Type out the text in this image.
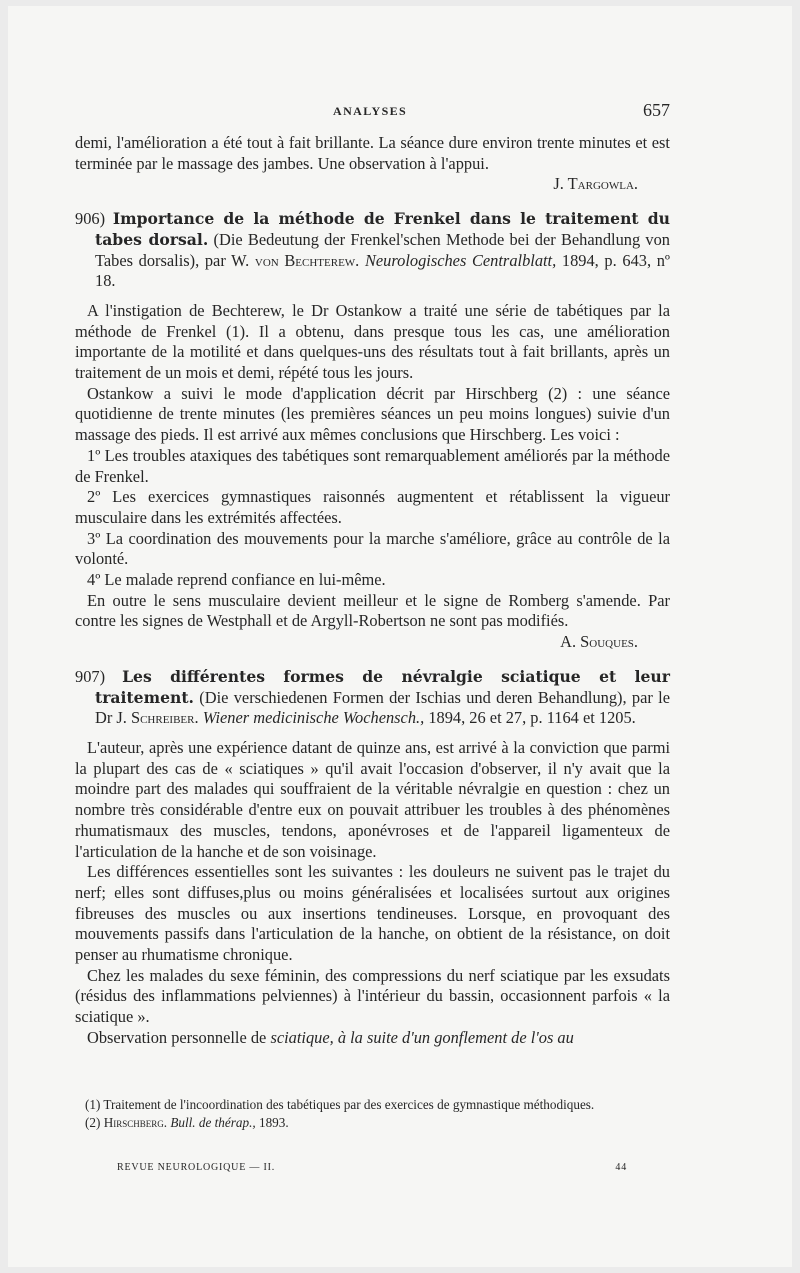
ANALYSES	657

demi, l'amélioration a été tout à fait brillante. La séance dure environ trente minutes et est terminée par le massage des jambes. Une observation à l'appui.

J. Targowla.

906) Importance de la méthode de Frenkel dans le traitement du tabes dorsal. (Die Bedeutung der Frenkel'schen Methode bei der Behandlung von Tabes dorsalis), par W. von Bechterew. Neurologisches Centralblatt, 1894, p. 643, nº 18.

A l'instigation de Bechterew, le Dr Ostankow a traité une série de tabétiques par la méthode de Frenkel (1). Il a obtenu, dans presque tous les cas, une amélioration importante de la motilité et dans quelques-uns des résultats tout à fait brillants, après un traitement de un mois et demi, répété tous les jours.

Ostankow a suivi le mode d'application décrit par Hirschberg (2) : une séance quotidienne de trente minutes (les premières séances un peu moins longues) suivie d'un massage des pieds. Il est arrivé aux mêmes conclusions que Hirschberg. Les voici :

1º Les troubles ataxiques des tabétiques sont remarquablement améliorés par la méthode de Frenkel.

2º Les exercices gymnastiques raisonnés augmentent et rétablissent la vigueur musculaire dans les extrémités affectées.

3º La coordination des mouvements pour la marche s'améliore, grâce au contrôle de la volonté.

4º Le malade reprend confiance en lui-même.

En outre le sens musculaire devient meilleur et le signe de Romberg s'amende. Par contre les signes de Westphall et de Argyll-Robertson ne sont pas modifiés.

A. Souques.

907) Les différentes formes de névralgie sciatique et leur traitement. (Die verschiedenen Formen der Ischias und deren Behandlung), par le Dr J. Schreiber. Wiener medicinische Wochensch., 1894, 26 et 27, p. 1164 et 1205.

L'auteur, après une expérience datant de quinze ans, est arrivé à la conviction que parmi la plupart des cas de « sciatiques » qu'il avait l'occasion d'observer, il n'y avait que la moindre part des malades qui souffraient de la véritable névralgie en question : chez un nombre très considérable d'entre eux on pouvait attribuer les troubles à des phénomènes rhumatismaux des muscles, tendons, aponévroses et de l'appareil ligamenteux de l'articulation de la hanche et de son voisinage.

Les différences essentielles sont les suivantes : les douleurs ne suivent pas le trajet du nerf; elles sont diffuses,plus ou moins généralisées et localisées surtout aux origines fibreuses des muscles ou aux insertions tendineuses. Lorsque, en provoquant des mouvements passifs dans l'articulation de la hanche, on obtient de la résistance, on doit penser au rhumatisme chronique.

Chez les malades du sexe féminin, des compressions du nerf sciatique par les exsudats (résidus des inflammations pelviennes) à l'intérieur du bassin, occasionnent parfois « la sciatique ».

Observation personnelle de sciatique, à la suite d'un gonflement de l'os au

(1) Traitement de l'incoordination des tabétiques par des exercices de gymnastique méthodiques.

(2) Hirschberg. Bull. de thérap., 1893.

REVUE NEUROLOGIQUE — II.	44
